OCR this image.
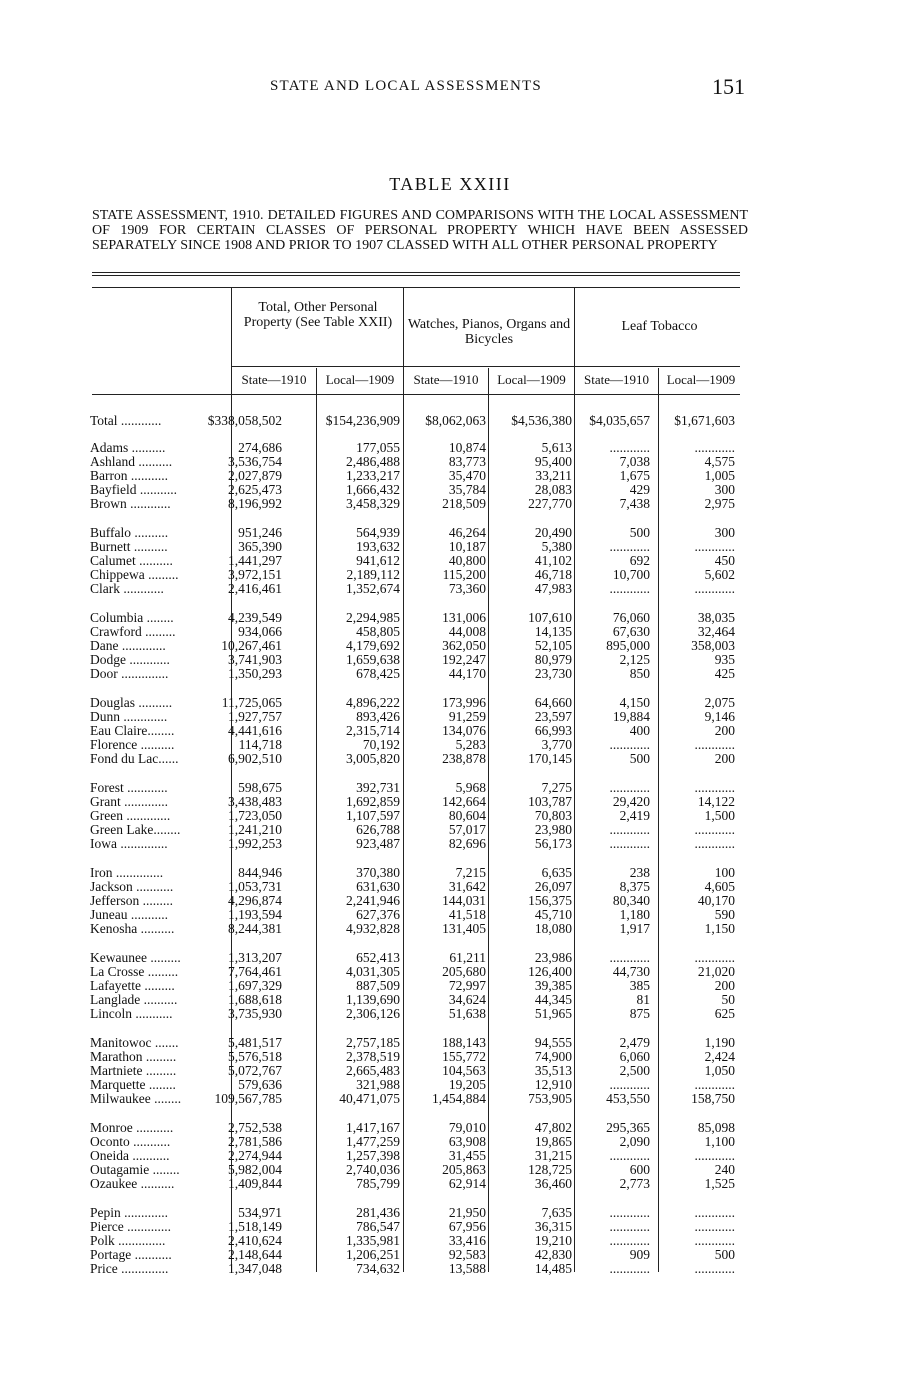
STATE AND LOCAL ASSESSMENTS	151
TABLE XXIII
STATE ASSESSMENT, 1910. DETAILED FIGURES AND COMPARISONS WITH THE LOCAL ASSESSMENT OF 1909 FOR CERTAIN CLASSES OF PERSONAL PROPERTY WHICH HAVE BEEN ASSESSED SEPARATELY SINCE 1908 AND PRIOR TO 1907 CLASSED WITH ALL OTHER PERSONAL PROPERTY
Total, Other Personal Property (See Table XXII)	Watches, Pianos, Organs and Bicycles
Leaf Tobacco
State—1910	Local—1909	State—1910	Local—1909	State—1910	Local—1909
Total ............	$338,058,502	$154,236,909 $8,062,063 $4,536,380 $4,035,657 $1,671,603
Adams ..........	274,686	177,055	10,874	5,613	............	............
Ashland ..........	3,536,754	2,486,488	83,773	95,400	7,038	4,575
Barron ...........	2,027,879	1,233,217	35,470	33,211	1,675	1,005
Bayfield ...........	2,625,473	1,666,432	35,784	28,083	429	300
Brown ............	8,196,992	3,458,329	218,509	227,770	7,438	2,975
Buffalo ..........	951,246	564,939	46,264	20,490	500	300
Burnett ..........	365,390	193,632	10,187	5,380	............	............
Calumet ..........	1,441,297	941,612	40,800	41,102	692	450
Chippewa .........	3,972,151	2,189,112	115,200	46,718	10,700	5,602
Clark ............	2,416,461	1,352,674	73,360	47,983	............	............
Columbia ........	4,239,549	2,294,985	131,006	107,610	76,060	38,035
Crawford .........	934,066	458,805	44,008	14,135	67,630	32,464
Dane .............	10,267,461	4,179,692	362,050	52,105	895,000	358,003
Dodge ............	3,741,903	1,659,638	192,247	80,979	2,125	935
Door ..............	1,350,293	678,425	44,170	23,730	850	425
Douglas ..........	11,725,065	4,896,222	173,996	64,660	4,150	2,075
Dunn .............	1,927,757	893,426	91,259	23,597	19,884	9,146
Eau Claire........	4,441,616	2,315,714	134,076	66,993	400	200
Florence ..........	114,718	70,192	5,283	3,770	............	............
Fond du Lac......	6,902,510	3,005,820	238,878	170,145	500	200
Forest ............	598,675	392,731	5,968	7,275	............	............
Grant .............	3,438,483	1,692,859	142,664	103,787	29,420	14,122
Green .............	1,723,050	1,107,597	80,604	70,803	2,419	1,500
Green Lake........	1,241,210	626,788	57,017	23,980	............	............
Iowa ..............	1,992,253	923,487	82,696	56,173	............	............
Iron ..............	844,946	370,380	7,215	6,635	238	100
Jackson ...........	1,053,731	631,630	31,642	26,097	8,375	4,605
Jefferson .........	4,296,874	2,241,946	144,031	156,375	80,340	40,170
Juneau ...........	1,193,594	627,376	41,518	45,710	1,180	590
Kenosha ..........	8,244,381	4,932,828	131,405	18,080	1,917	1,150
Kewaunee .........	1,313,207	652,413	61,211	23,986	............	............
La Crosse .........	7,764,461	4,031,305	205,680	126,400	44,730	21,020
Lafayette .........	1,697,329	887,509	72,997	39,385	385	200
Langlade ..........	1,688,618	1,139,690	34,624	44,345	81	50
Lincoln ...........	3,735,930	2,306,126	51,638	51,965	875	625
Manitowoc .......	5,481,517	2,757,185	188,143	94,555	2,479	1,190
Marathon .........	5,576,518	2,378,519	155,772	74,900	6,060	2,424
Martniete .........	5,072,767	2,665,483	104,563	35,513	2,500	1,050
Marquette ........	579,636	321,988	19,205	12,910	............	............
Milwaukee ........	109,567,785	40,471,075 1,454,884	753,905	453,550	158,750
Monroe ...........	2,752,538	1,417,167	79,010	47,802	295,365	85,098
Oconto ...........	2,781,586	1,477,259	63,908	19,865	2,090	1,100
Oneida ...........	2,274,944	1,257,398	31,455	31,215	............	............
Outagamie ........	5,982,004	2,740,036	205,863	128,725	600	240
Ozaukee ..........	1,409,844	785,799	62,914	36,460	2,773	1,525
Pepin .............	534,971	281,436	21,950	7,635	............	............
Pierce .............	1,518,149	786,547	67,956	36,315	............	............
Polk ..............	2,410,624	1,335,981	33,416	19,210	............	............
Portage ...........	2,148,644	1,206,251	92,583	42,830	909	500
Price ..............	1,347,048	734,632	13,588	14,485	............	............
